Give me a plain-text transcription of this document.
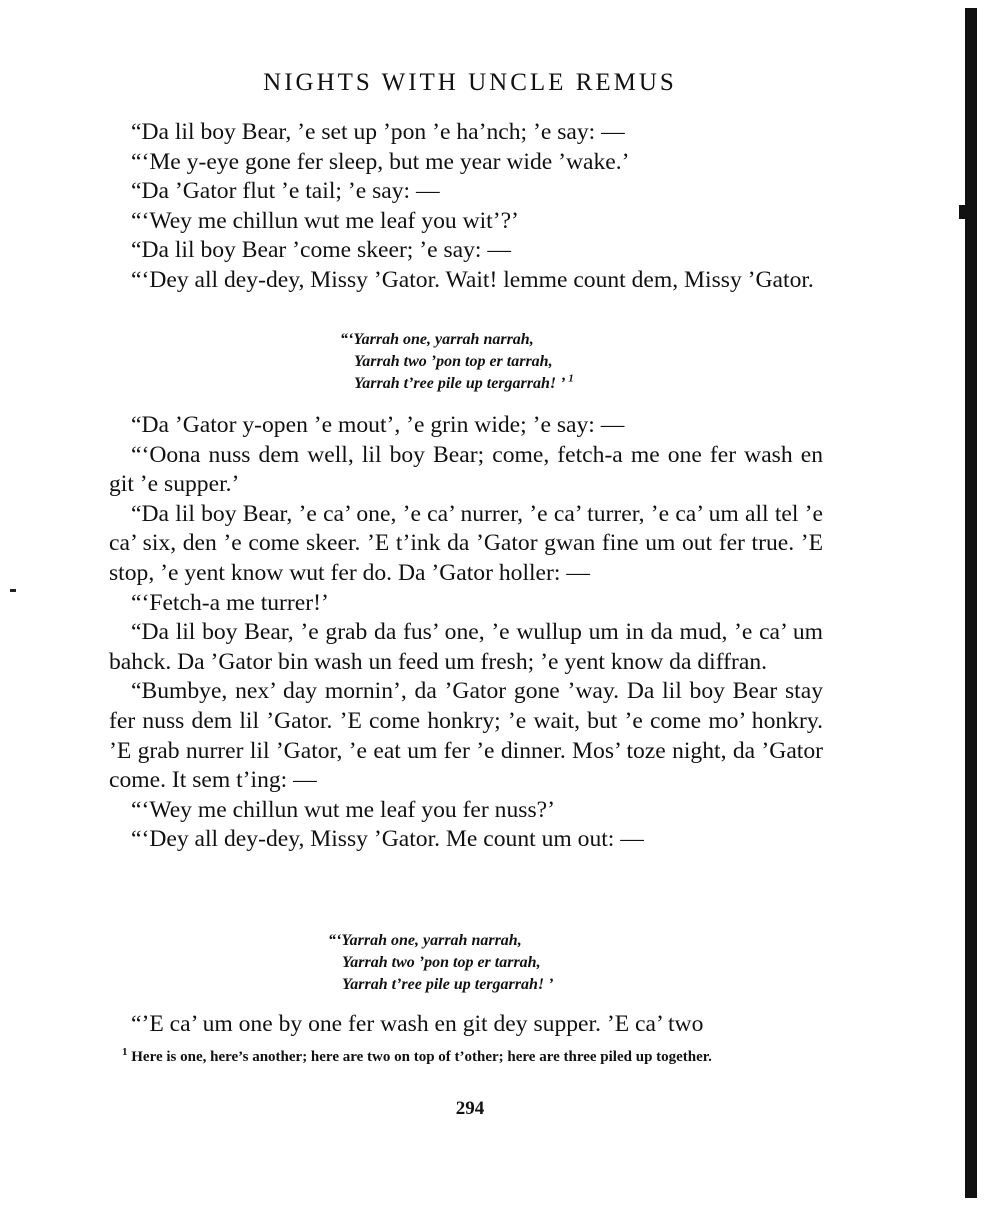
NIGHTS WITH UNCLE REMUS

“Da lil boy Bear, ’e set up ’pon ’e ha’nch; ’e say: —

“‘Me y-eye gone fer sleep, but me year wide ’wake.’

“Da ’Gator flut ’e tail; ’e say: —

“‘Wey me chillun wut me leaf you wit’?’

“Da lil boy Bear ’come skeer; ’e say: —

“‘Dey all dey-dey, Missy ’Gator. Wait! lemme count dem, Missy ’Gator.

“‘Yarrah one, yarrah narrah,
Yarrah two ’pon top er tarrah,
Yarrah t’ree pile up tergarrah! ’ $^1$

“Da ’Gator y-open ’e mout’, ’e grin wide; ’e say: —

“‘Oona nuss dem well, lil boy Bear; come, fetch-a me one fer wash en git ’e supper.’

“Da lil boy Bear, ’e ca’ one, ’e ca’ nurrer, ’e ca’ turrer, ’e ca’ um all tel ’e ca’ six, den ’e come skeer. ’E t’ink da ’Gator gwan fine um out fer true. ’E stop, ’e yent know wut fer do. Da ’Gator holler: —

“‘Fetch-a me turrer!’

“Da lil boy Bear, ’e grab da fus’ one, ’e wullup um in da mud, ’e ca’ um bahck. Da ’Gator bin wash un feed um fresh; ’e yent know da diffran.

“Bumbye, nex’ day mornin’, da ’Gator gone ’way. Da lil boy Bear stay fer nuss dem lil ’Gator. ’E come honkry; ’e wait, but ’e come mo’ honkry. ’E grab nurrer lil ’Gator, ’e eat um fer ’e dinner. Mos’ toze night, da ’Gator come. It sem t’ing: —

“‘Wey me chillun wut me leaf you fer nuss?’

“‘Dey all dey-dey, Missy ’Gator. Me count um out: —

“‘Yarrah one, yarrah narrah,
Yarrah two ’pon top er tarrah,
Yarrah t’ree pile up tergarrah! ’

“’E ca’ um one by one fer wash en git dey supper. ’E ca’ two

$^1$ Here is one, here’s another; here are two on top of t’other; here are three piled up together.

294
